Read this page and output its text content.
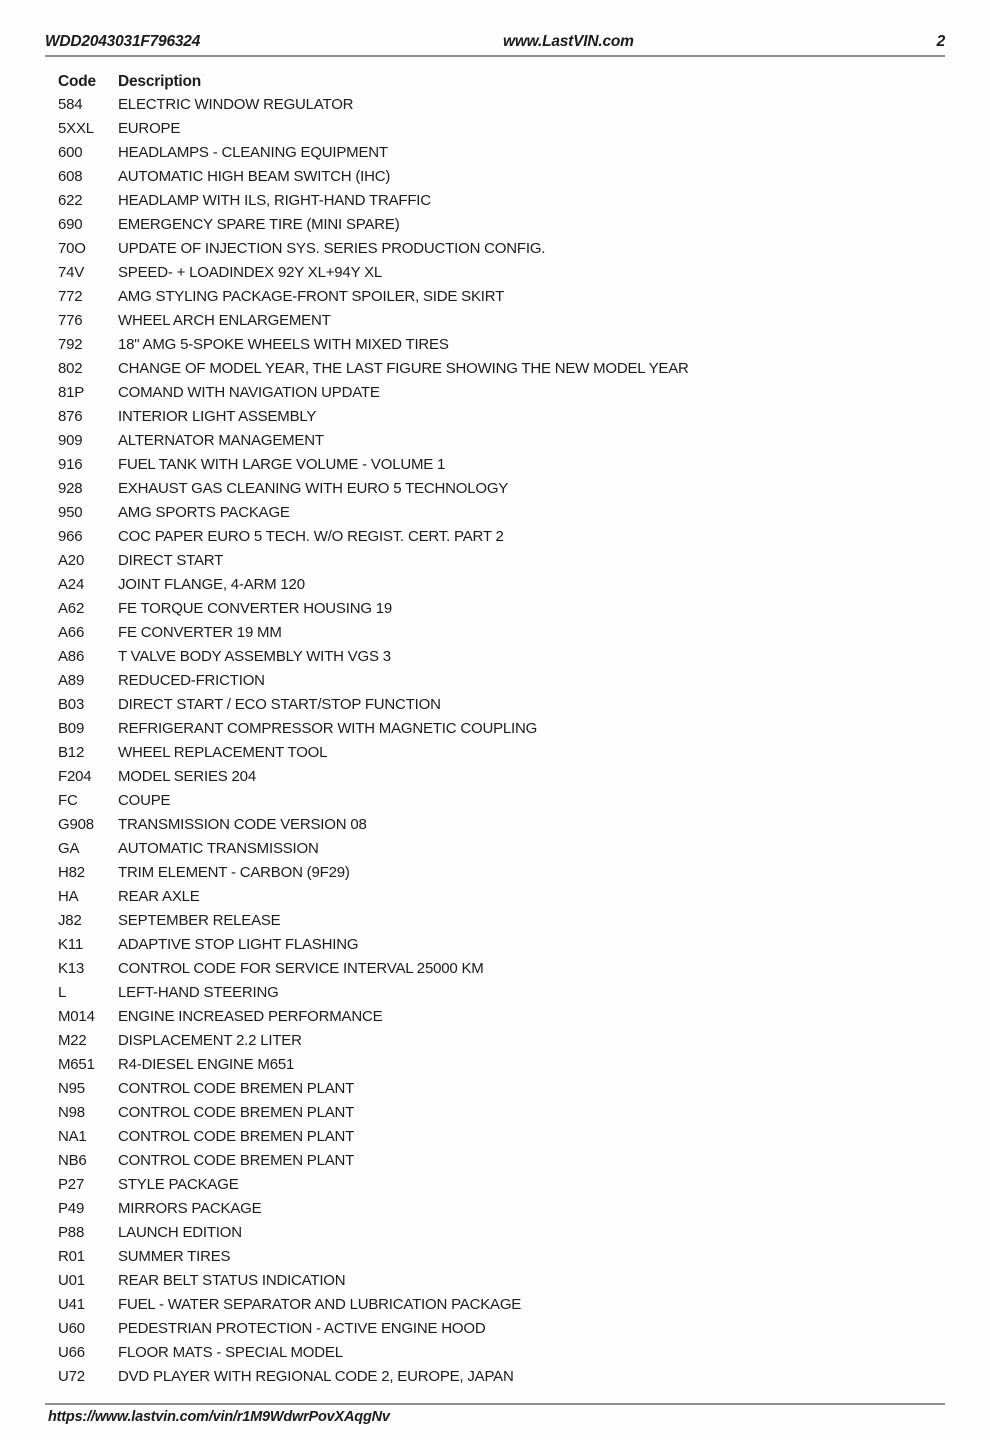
WDD2043031F796324	www.LastVIN.com	2
Code	Description
584	ELECTRIC WINDOW REGULATOR
5XXL	EUROPE
600	HEADLAMPS - CLEANING EQUIPMENT
608	AUTOMATIC HIGH BEAM SWITCH (IHC)
622	HEADLAMP WITH ILS, RIGHT-HAND TRAFFIC
690	EMERGENCY SPARE TIRE (MINI SPARE)
70O	UPDATE OF INJECTION SYS. SERIES PRODUCTION CONFIG.
74V	SPEED- + LOADINDEX 92Y XL+94Y XL
772	AMG STYLING PACKAGE-FRONT SPOILER, SIDE SKIRT
776	WHEEL ARCH ENLARGEMENT
792	18" AMG 5-SPOKE WHEELS WITH MIXED TIRES
802	CHANGE OF MODEL YEAR, THE LAST FIGURE SHOWING THE NEW MODEL YEAR
81P	COMAND WITH NAVIGATION UPDATE
876	INTERIOR LIGHT ASSEMBLY
909	ALTERNATOR MANAGEMENT
916	FUEL TANK WITH LARGE VOLUME - VOLUME 1
928	EXHAUST GAS CLEANING WITH EURO 5 TECHNOLOGY
950	AMG SPORTS PACKAGE
966	COC PAPER EURO 5 TECH. W/O REGIST. CERT. PART 2
A20	DIRECT START
A24	JOINT FLANGE, 4-ARM 120
A62	FE TORQUE CONVERTER HOUSING 19
A66	FE CONVERTER 19 MM
A86	T VALVE BODY ASSEMBLY WITH VGS 3
A89	REDUCED-FRICTION
B03	DIRECT START / ECO START/STOP FUNCTION
B09	REFRIGERANT COMPRESSOR WITH MAGNETIC COUPLING
B12	WHEEL REPLACEMENT TOOL
F204	MODEL SERIES 204
FC	COUPE
G908	TRANSMISSION CODE VERSION 08
GA	AUTOMATIC TRANSMISSION
H82	TRIM ELEMENT - CARBON (9F29)
HA	REAR AXLE
J82	SEPTEMBER RELEASE
K11	ADAPTIVE STOP LIGHT FLASHING
K13	CONTROL CODE FOR SERVICE INTERVAL 25000 KM
L	LEFT-HAND STEERING
M014	ENGINE INCREASED PERFORMANCE
M22	DISPLACEMENT 2.2 LITER
M651	R4-DIESEL ENGINE M651
N95	CONTROL CODE BREMEN PLANT
N98	CONTROL CODE BREMEN PLANT
NA1	CONTROL CODE BREMEN PLANT
NB6	CONTROL CODE BREMEN PLANT
P27	STYLE PACKAGE
P49	MIRRORS PACKAGE
P88	LAUNCH EDITION
R01	SUMMER TIRES
U01	REAR BELT STATUS INDICATION
U41	FUEL - WATER SEPARATOR AND LUBRICATION PACKAGE
U60	PEDESTRIAN PROTECTION - ACTIVE ENGINE HOOD
U66	FLOOR MATS - SPECIAL MODEL
U72	DVD PLAYER WITH REGIONAL CODE 2, EUROPE, JAPAN
https://www.lastvin.com/vin/r1M9WdwrPovXAqgNv
